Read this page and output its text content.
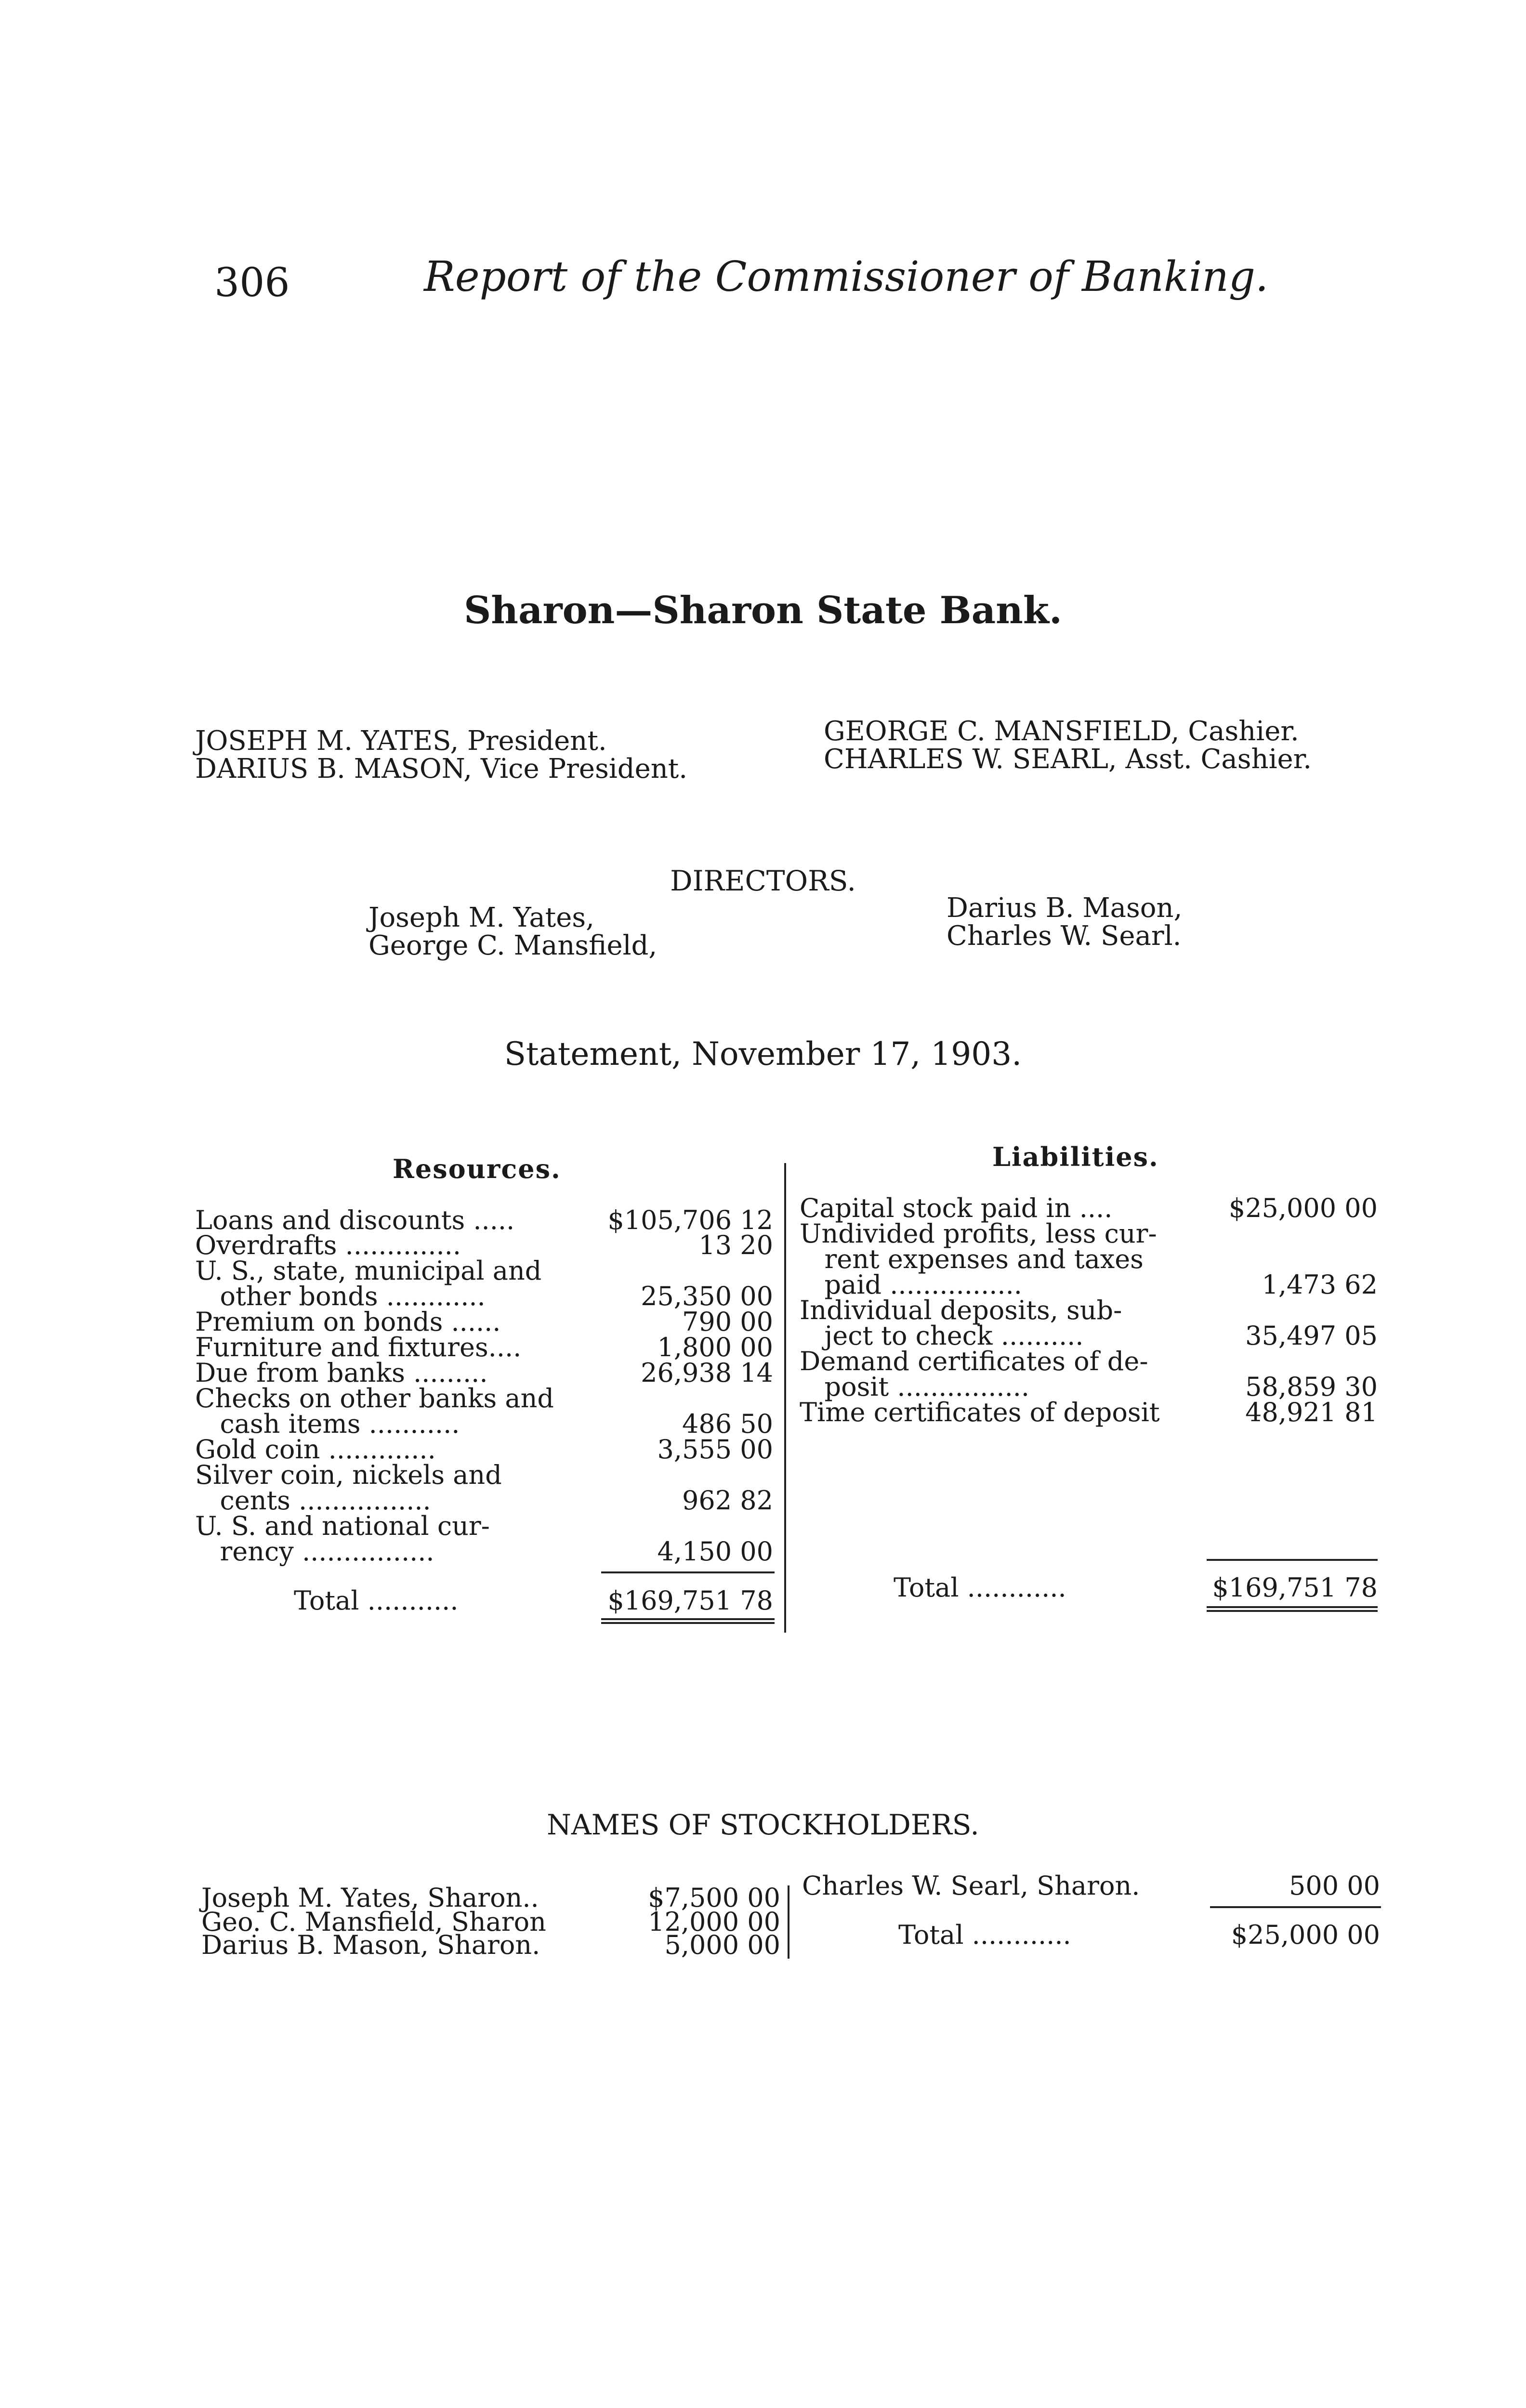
306	Report of the Commissioner of Banking.
Sharon—Sharon State Bank.
JOSEPH M. YATES, President.
DARIUS B. MASON, Vice President.
GEORGE C. MANSFIELD, Cashier.
CHARLES W. SEARL, Asst. Cashier.
DIRECTORS.
Joseph M. Yates,
George C. Mansfield,
Darius B. Mason,
Charles W. Searl.
Statement, November 17, 1903.
Resources.	Liabilities.
Loans and discounts .....	$105,706 12
Overdrafts ..............	13 20
U. S., state, municipal and
other bonds ............	25,350 00
Premium on bonds ......	790 00
Furniture and fixtures....	1,800 00
Due from banks .........	26,938 14
Checks on other banks and
cash items ...........	486 50
Gold coin .............	3,555 00
Silver coin, nickels and
cents ................	962 82
U. S. and national cur-
rency ................	4,150 00
Total ...........	$169,751 78
Capital stock paid in ....	$25,000 00
Undivided profits, less cur-
rent expenses and taxes
paid ................	1,473 62
Individual deposits, sub-
ject to check ..........	35,497 05
Demand certificates of de-
posit ................	58,859 30
Time certificates of deposit	48,921 81
Total ............	$169,751 78
NAMES OF STOCKHOLDERS.
Joseph M. Yates, Sharon..	$7,500 00
Geo. C. Mansfield, Sharon	12,000 00
Darius B. Mason, Sharon.	5,000 00
Charles W. Searl, Sharon.	500 00
Total ............	$25,000 00
